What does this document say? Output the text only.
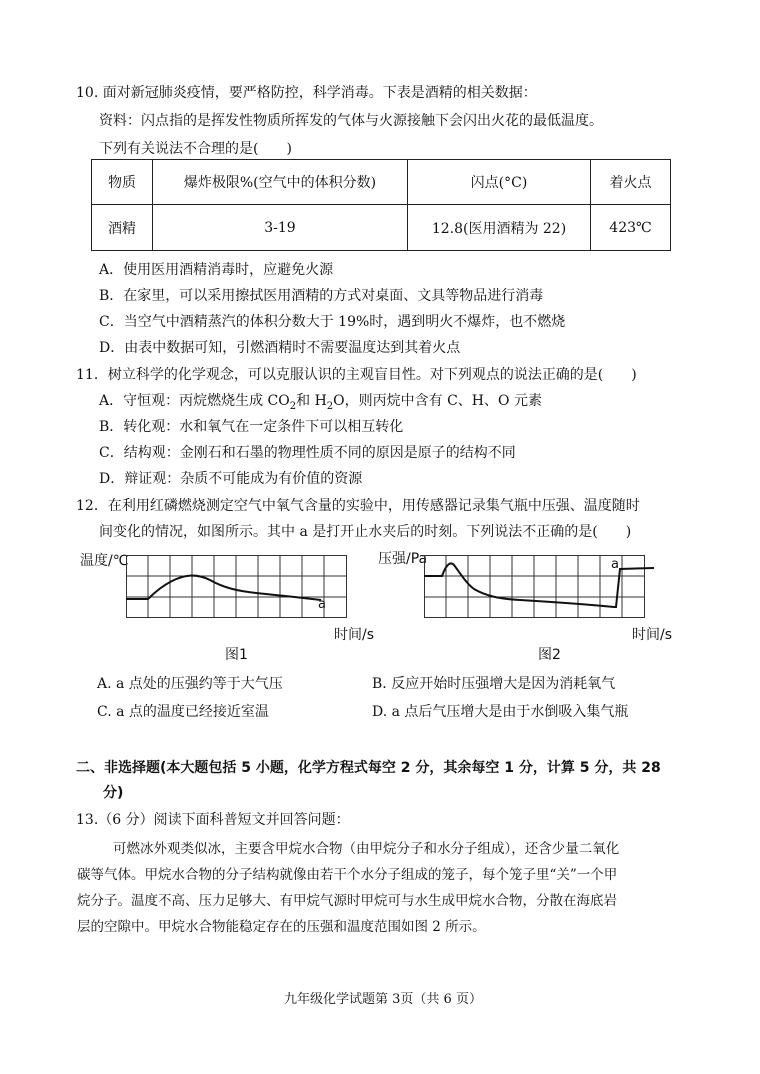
10. 面对新冠肺炎疫情，要严格防控，科学消毒。下表是酒精的相关数据：
资料：闪点指的是挥发性物质所挥发的气体与火源接触下会闪出火花的最低温度。
下列有关说法不合理的是(　　)
物质	爆炸极限%(空气中的体积分数)	闪点(°C)	着火点
酒精	3-19	12.8(医用酒精为 22)	423℃
A．使用医用酒精消毒时，应避免火源
B．在家里，可以采用擦拭医用酒精的方式对桌面、文具等物品进行消毒
C．当空气中酒精蒸汽的体积分数大于 19%时，遇到明火不爆炸，也不燃烧
D．由表中数据可知，引燃酒精时不需要温度达到其着火点
11．树立科学的化学观念，可以克服认识的主观盲目性。对下列观点的说法正确的是(　　)
A．守恒观：丙烷燃烧生成 $CO_2$和 $H_2O$，则丙烷中含有 C、H、O 元素
B．转化观：水和氧气在一定条件下可以相互转化
C．结构观：金刚石和石墨的物理性质不同的原因是原子的结构不同
D．辩证观：杂质不可能成为有价值的资源
12．在利用红磷燃烧测定空气中氧气含量的实验中，用传感器记录集气瓶中压强、温度随时
间变化的情况，如图所示。其中 a 是打开止水夹后的时刻。下列说法不正确的是(　　)
温度/℃
a
时间/s
图1
压强/Pa	a
时间/s
图2
A. a 点处的压强约等于大气压	B. 反应开始时压强增大是因为消耗氧气
C. a 点的温度已经接近室温	D. a 点后气压增大是由于水倒吸入集气瓶
二、非选择题(本大题包括 5 小题，化学方程式每空 2 分，其余每空 1 分，计算 5 分，共 28
分)
13.（6 分）阅读下面科普短文并回答问题：
可燃冰外观类似冰，主要含甲烷水合物（由甲烷分子和水分子组成），还含少量二氧化
碳等气体。甲烷水合物的分子结构就像由若干个水分子组成的笼子，每个笼子里“关”一个甲
烷分子。温度不高、压力足够大、有甲烷气源时甲烷可与水生成甲烷水合物，分散在海底岩
层的空隙中。甲烷水合物能稳定存在的压强和温度范围如图 2 所示。
九年级化学试题第 3页（共 6 页）
